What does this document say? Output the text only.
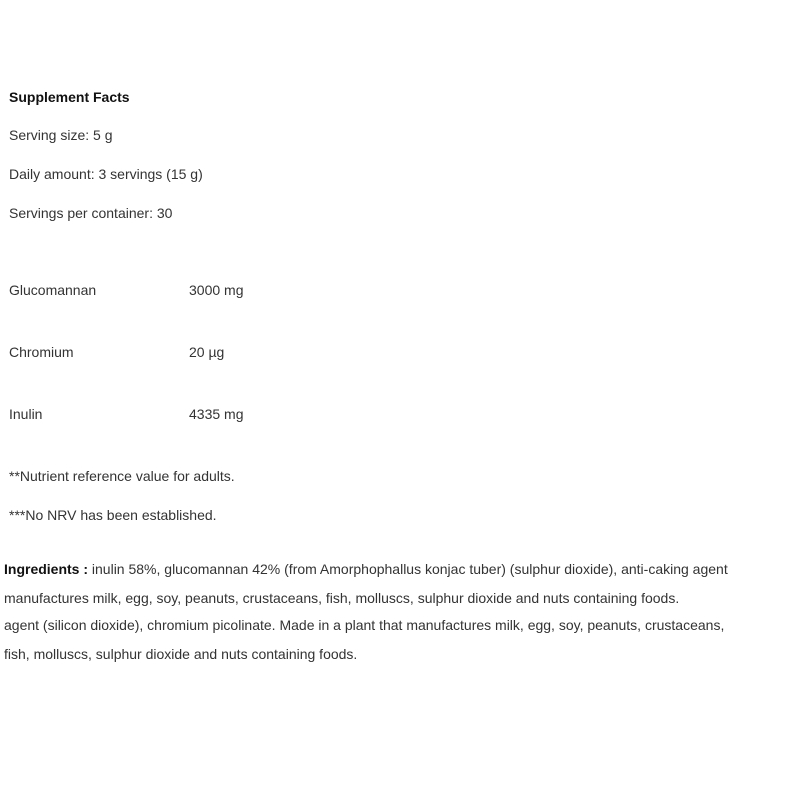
Supplement Facts
Serving size: 5 g
Daily amount: 3 servings (15 g)
Servings per container: 30
Glucomannan	3000 mg
Chromium	20 µg
Inulin	4335 mg
**Nutrient reference value for adults.
***No NRV has been established.
Ingredients : inulin 58%, glucomannan 42% (from Amorphophallus konjac tuber) (sulphur dioxide), anti-caking agent
manufactures milk, egg, soy, peanuts, crustaceans, fish, molluscs, sulphur dioxide and nuts containing foods.
agent (silicon dioxide), chromium picolinate. Made in a plant that manufactures milk, egg, soy, peanuts, crustaceans,
fish, molluscs, sulphur dioxide and nuts containing foods.
